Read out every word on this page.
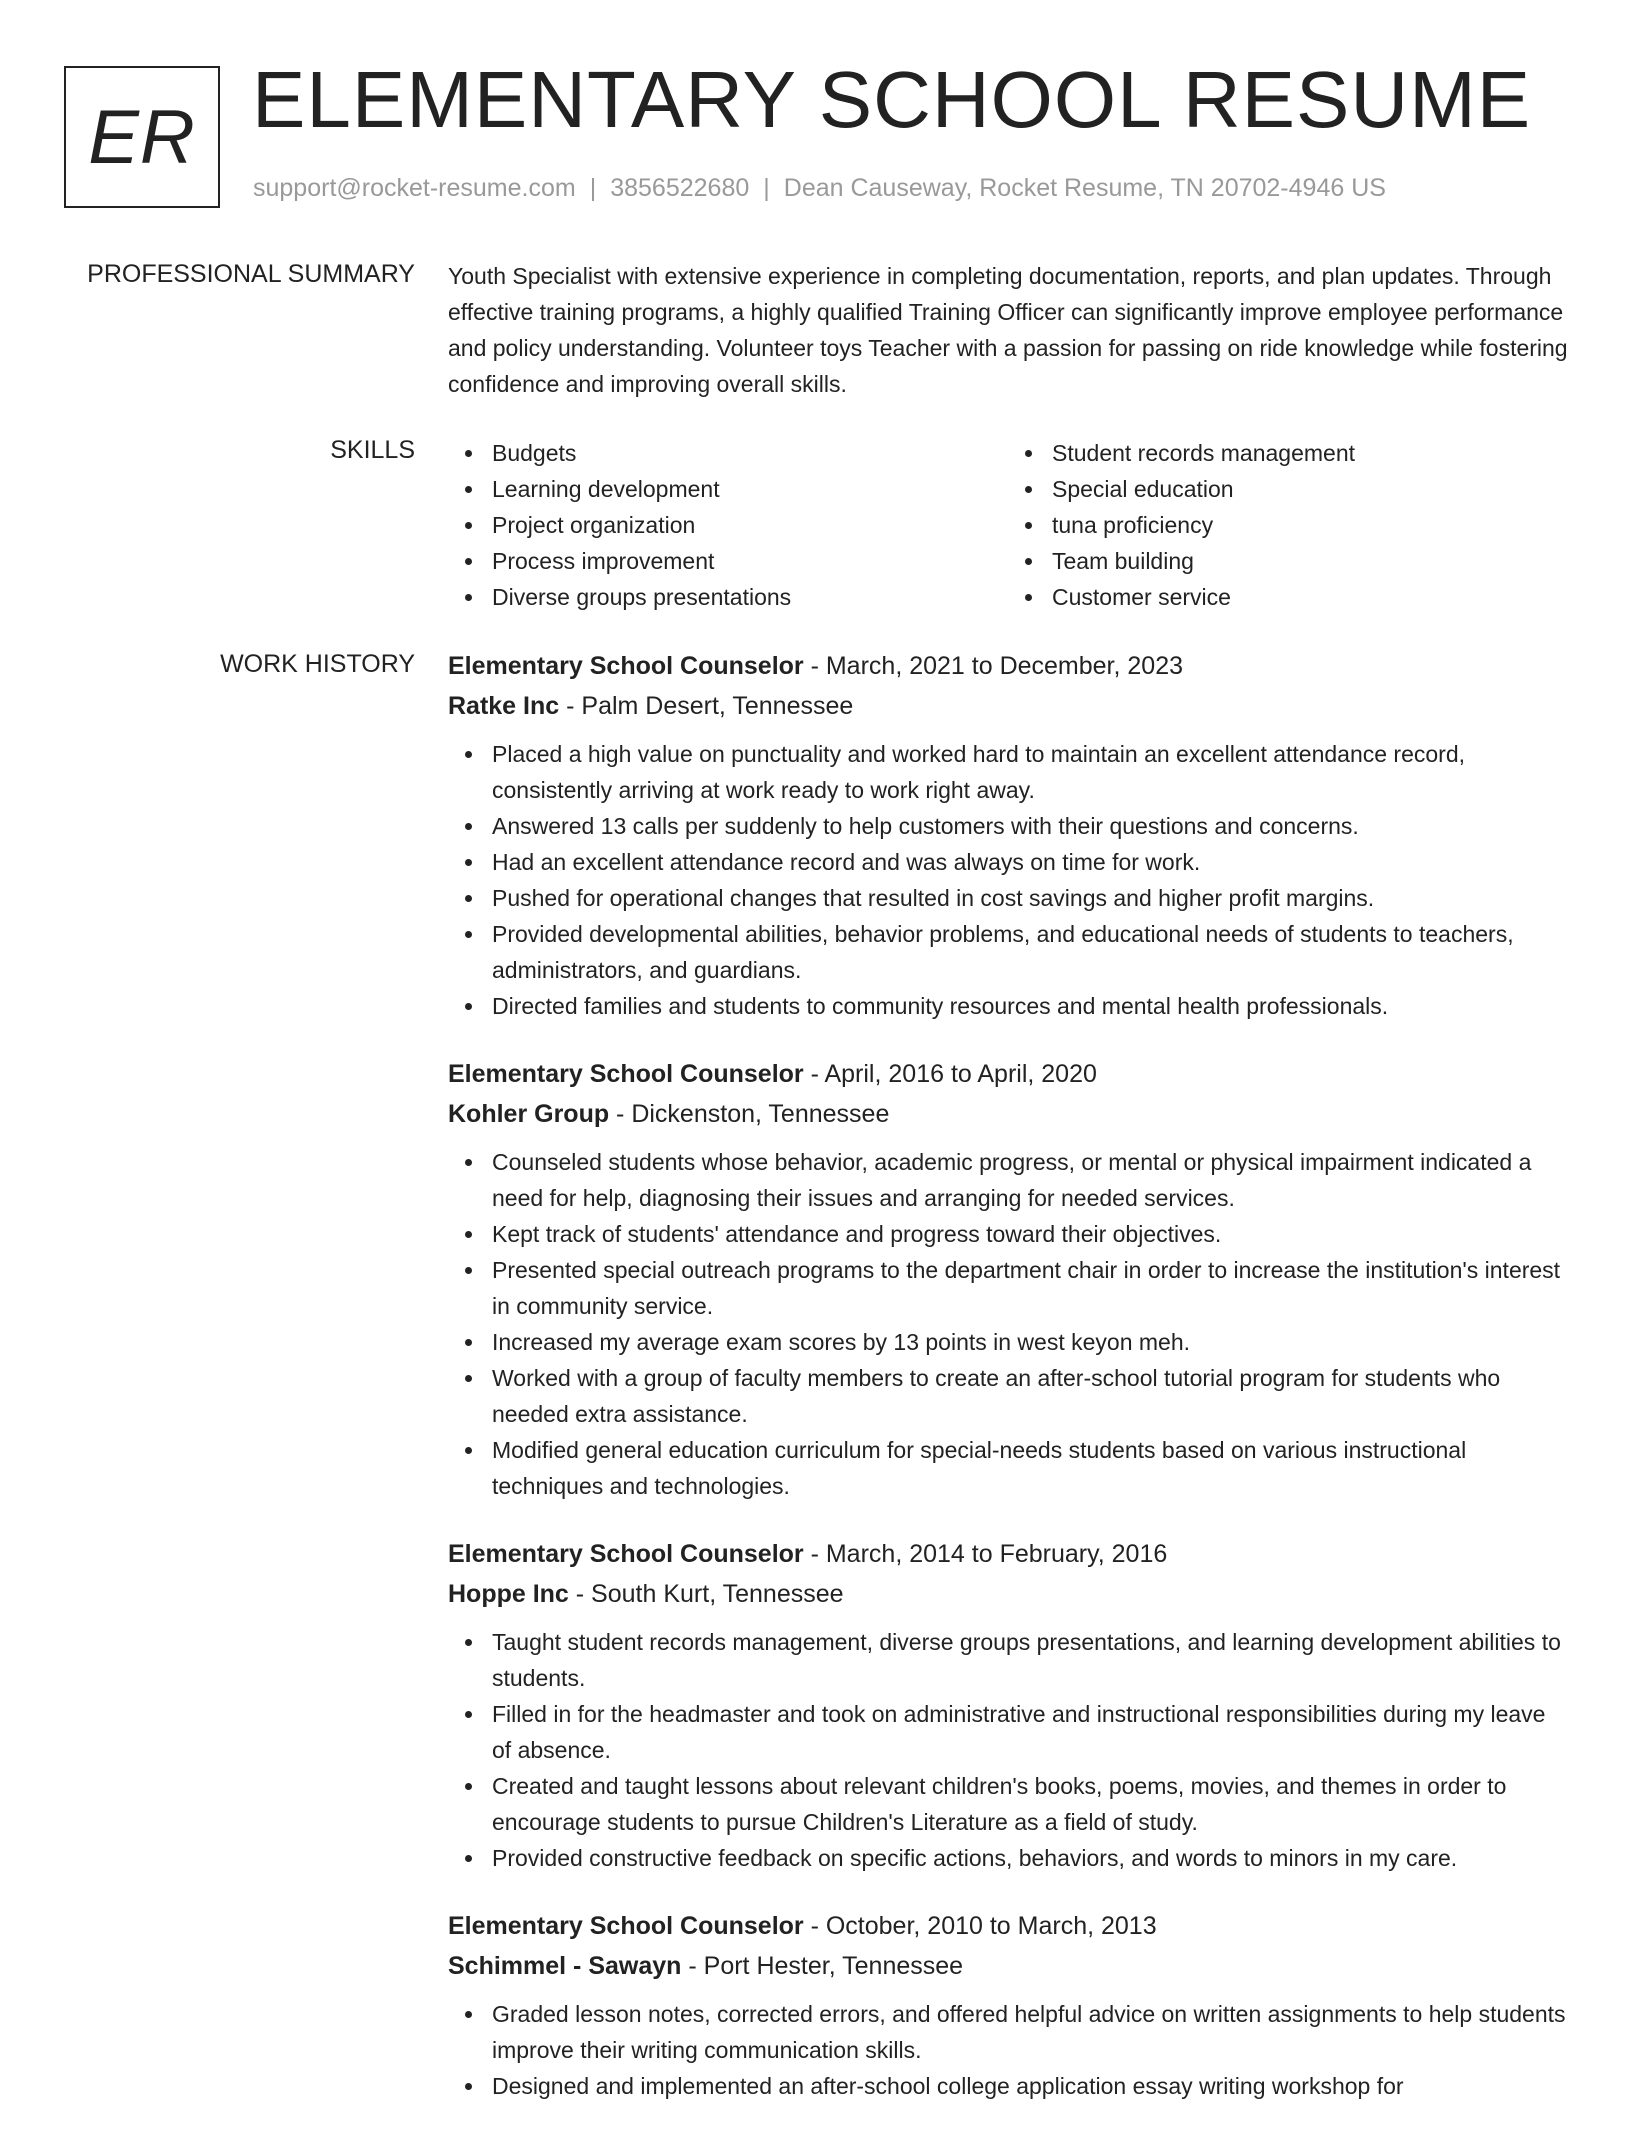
ER ELEMENTARY SCHOOL RESUME
support@rocket-resume.com | 3856522680 | Dean Causeway, Rocket Resume, TN 20702-4946 US
PROFESSIONAL SUMMARY Youth Specialist with extensive experience in completing documentation, reports, and plan updates. Through effective training programs, a highly qualified Training Officer can significantly improve employee performance and policy understanding. Volunteer toys Teacher with a passion for passing on ride knowledge while fostering confidence and improving overall skills.
SKILLS	Budgets
Learning development
Project organization
Process improvement
Diverse groups presentations
Student records management
Special education
tuna proficiency
Team building
Customer service
WORK HISTORY Elementary School Counselor - March, 2021 to December, 2023
Ratke Inc - Palm Desert, Tennessee
Placed a high value on punctuality and worked hard to maintain an excellent attendance record, consistently arriving at work ready to work right away.
Answered 13 calls per suddenly to help customers with their questions and concerns.
Had an excellent attendance record and was always on time for work.
Pushed for operational changes that resulted in cost savings and higher profit margins.
Provided developmental abilities, behavior problems, and educational needs of students to teachers, administrators, and guardians.
Directed families and students to community resources and mental health professionals.
Elementary School Counselor - April, 2016 to April, 2020
Kohler Group - Dickenston, Tennessee
Counseled students whose behavior, academic progress, or mental or physical impairment indicated a need for help, diagnosing their issues and arranging for needed services.
Kept track of students' attendance and progress toward their objectives.
Presented special outreach programs to the department chair in order to increase the institution's interest in community service.
Increased my average exam scores by 13 points in west keyon meh.
Worked with a group of faculty members to create an after-school tutorial program for students who needed extra assistance.
Modified general education curriculum for special-needs students based on various instructional techniques and technologies.
Elementary School Counselor - March, 2014 to February, 2016
Hoppe Inc - South Kurt, Tennessee
Taught student records management, diverse groups presentations, and learning development abilities to students.
Filled in for the headmaster and took on administrative and instructional responsibilities during my leave of absence.
Created and taught lessons about relevant children's books, poems, movies, and themes in order to encourage students to pursue Children's Literature as a field of study.
Provided constructive feedback on specific actions, behaviors, and words to minors in my care.
Elementary School Counselor - October, 2010 to March, 2013
Schimmel - Sawayn - Port Hester, Tennessee
Graded lesson notes, corrected errors, and offered helpful advice on written assignments to help students improve their writing communication skills.
Designed and implemented an after-school college application essay writing workshop for
